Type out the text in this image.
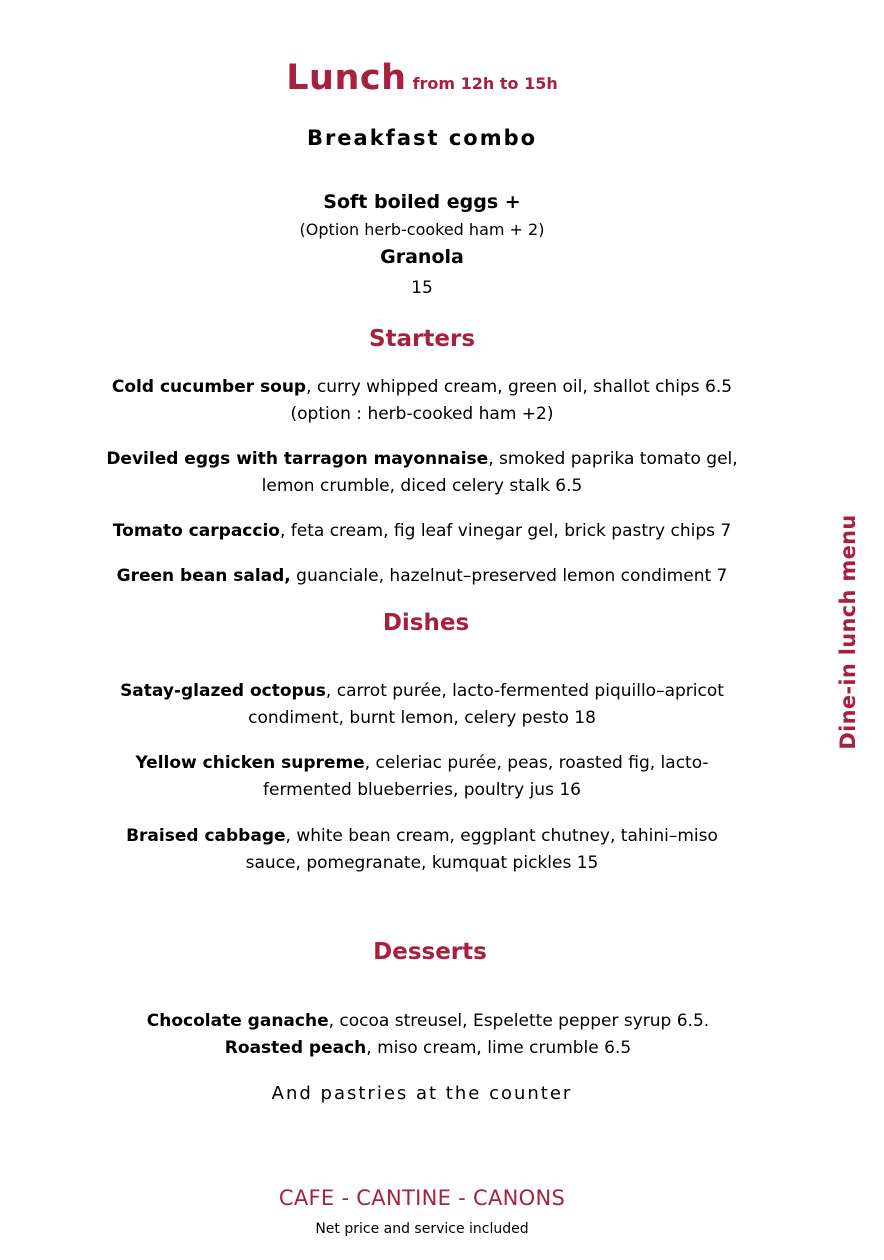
Lunch from 12h to 15h
Breakfast combo
Soft boiled eggs +
(Option herb-cooked ham + 2)
Granola
15
Starters
Cold cucumber soup, curry whipped cream, green oil, shallot chips 6.5
(option : herb-cooked ham +2)
Deviled eggs with tarragon mayonnaise, smoked paprika tomato gel,
lemon crumble, diced celery stalk 6.5
Tomato carpaccio, feta cream, fig leaf vinegar gel, brick pastry chips 7
Green bean salad, guanciale, hazelnut–preserved lemon condiment 7
Dishes
Satay-glazed octopus, carrot purée, lacto-fermented piquillo–apricot
condiment, burnt lemon, celery pesto 18
Yellow chicken supreme, celeriac purée, peas, roasted fig, lacto-
fermented blueberries, poultry jus 16
Braised cabbage, white bean cream, eggplant chutney, tahini–miso
sauce, pomegranate, kumquat pickles 15
Desserts
Chocolate ganache, cocoa streusel, Espelette pepper syrup 6.5.
Roasted peach, miso cream, lime crumble 6.5
And pastries at the counter
CAFE - CANTINE - CANONS
Net price and service included
Dine-in lunch menu
